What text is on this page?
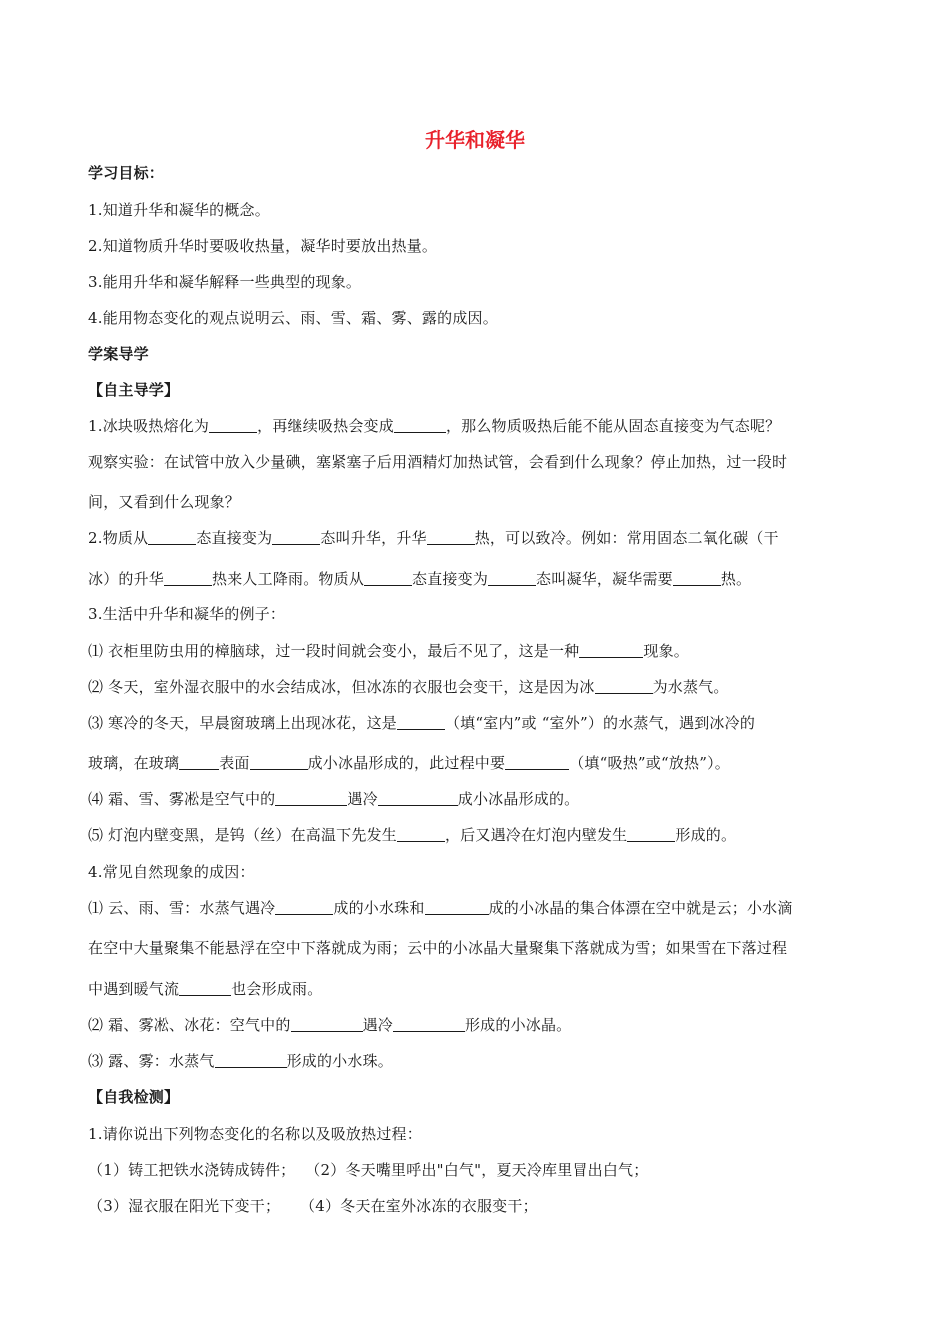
升华和凝华
学习目标：
1.知道升华和凝华的概念。
2.知道物质升华时要吸收热量，凝华时要放出热量。
3.能用升华和凝华解释一些典型的现象。
4.能用物态变化的观点说明云、雨、雪、霜、雾、露的成因。
学案导学
【自主导学】
1.冰块吸热熔化为	，再继续吸热会变成	，那么物质吸热后能不能从固态直接变为气态呢？
观察实验：在试管中放入少量碘，塞紧塞子后用酒精灯加热试管，会看到什么现象？停止加热，过一段时
间，又看到什么现象？
2.物质从	态直接变为	态叫升华，升华	热，可以致冷。例如：常用固态二氧化碳（干
冰）的升华	热来人工降雨。物质从	态直接变为	态叫凝华，凝华需要	热。
3.生活中升华和凝华的例子：
⑴ 衣柜里防虫用的樟脑球，过一段时间就会变小，最后不见了，这是一种	现象。
⑵ 冬天，室外湿衣服中的水会结成冰，但冰冻的衣服也会变干，这是因为冰	为水蒸气。
⑶ 寒冷的冬天，早晨窗玻璃上出现冰花，这是	（填“室内”或 “室外”）的水蒸气，遇到冰冷的
玻璃，在玻璃	表面	成小冰晶形成的，此过程中要	（填“吸热”或“放热”）。
⑷ 霜、雪、雾凇是空气中的	遇冷	成小冰晶形成的。
⑸ 灯泡内壁变黑，是钨（丝）在高温下先发生	，后又遇冷在灯泡内壁发生	形成的。
4.常见自然现象的成因：
⑴ 云、雨、雪：水蒸气遇冷	成的小水珠和	成的小冰晶的集合体漂在空中就是云；小水滴
在空中大量聚集不能悬浮在空中下落就成为雨；云中的小冰晶大量聚集下落就成为雪；如果雪在下落过程
中遇到暖气流	也会形成雨。
⑵ 霜、雾凇、冰花：空气中的	遇冷	形成的小冰晶。
⑶ 露、雾：水蒸气	形成的小水珠。
【自我检测】
1.请你说出下列物态变化的名称以及吸放热过程：
（1）铸工把铁水浇铸成铸件； （2）冬天嘴里呼出"白气"，夏天冷库里冒出白气；
（3）湿衣服在阳光下变干； （4）冬天在室外冰冻的衣服变干；
